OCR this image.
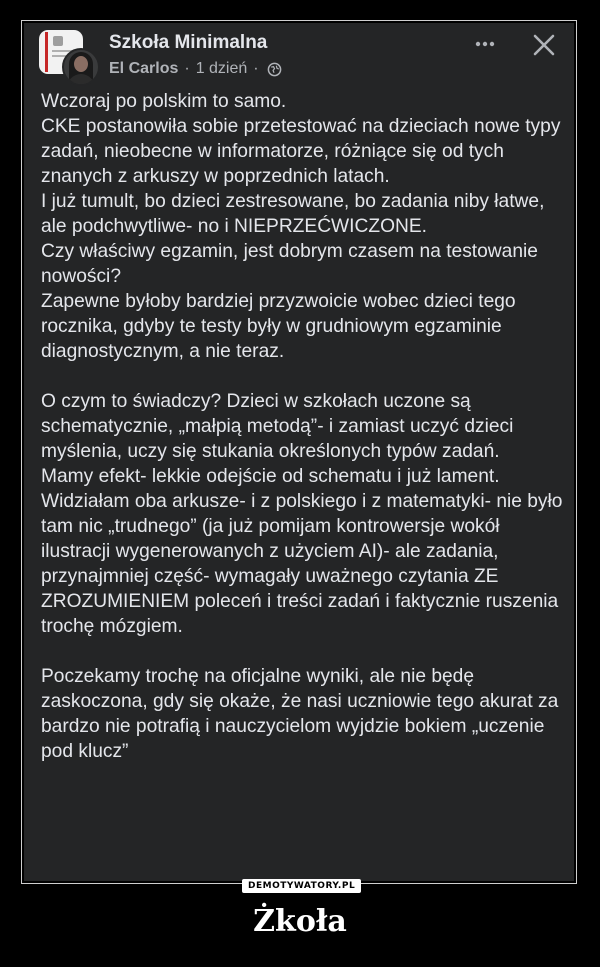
Szkoła Minimalna
El Carlos · 1 dzień ·
Wczoraj po polskim to samo.
CKE postanowiła sobie przetestować na dzieciach nowe typy zadań, nieobecne w informatorze, różniące się od tych znanych z arkuszy w poprzednich latach.
I już tumult, bo dzieci zestresowane, bo zadania niby łatwe, ale podchwytliwe- no i NIEPRZEĆWICZONE.
Czy właściwy egzamin, jest dobrym czasem na testowanie nowości?
Zapewne byłoby bardziej przyzwoicie wobec dzieci tego rocznika, gdyby te testy były w grudniowym egzaminie diagnostycznym, a nie teraz.

O czym to świadczy? Dzieci w szkołach uczone są schematycznie, „małpią metodą”- i zamiast uczyć dzieci myślenia, uczy się stukania określonych typów zadań.
Mamy efekt- lekkie odejście od schematu i już lament.
Widziałam oba arkusze- i z polskiego i z matematyki- nie było tam nic „trudnego” (ja już pomijam kontrowersje wokół ilustracji wygenerowanych z użyciem AI)- ale zadania, przynajmniej część- wymagały uważnego czytania ZE ZROZUMIENIEM poleceń i treści zadań i faktycznie ruszenia trochę mózgiem.

Poczekamy trochę na oficjalne wyniki, ale nie będę zaskoczona, gdy się okaże, że nasi uczniowie tego akurat za bardzo nie potrafią i nauczycielom wyjdzie bokiem „uczenie pod klucz”
DEMOTYWATORY.PL
Żkoła
